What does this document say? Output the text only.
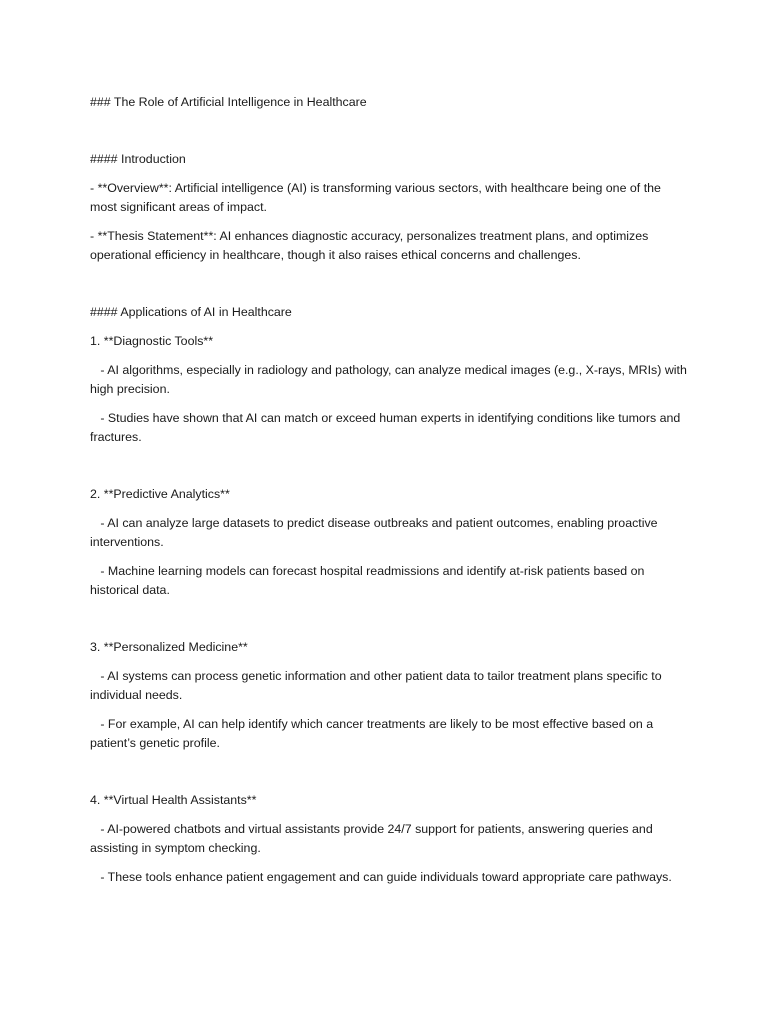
### The Role of Artificial Intelligence in Healthcare

#### Introduction

- **Overview**: Artificial intelligence (AI) is transforming various sectors, with healthcare being one of the most significant areas of impact.

- **Thesis Statement**: AI enhances diagnostic accuracy, personalizes treatment plans, and optimizes operational efficiency in healthcare, though it also raises ethical concerns and challenges.

#### Applications of AI in Healthcare

1. **Diagnostic Tools**

- AI algorithms, especially in radiology and pathology, can analyze medical images (e.g., X-rays, MRIs) with high precision.

- Studies have shown that AI can match or exceed human experts in identifying conditions like tumors and fractures.

2. **Predictive Analytics**

- AI can analyze large datasets to predict disease outbreaks and patient outcomes, enabling proactive interventions.

- Machine learning models can forecast hospital readmissions and identify at-risk patients based on historical data.

3. **Personalized Medicine**

- AI systems can process genetic information and other patient data to tailor treatment plans specific to individual needs.

- For example, AI can help identify which cancer treatments are likely to be most effective based on a patient’s genetic profile.

4. **Virtual Health Assistants**

- AI-powered chatbots and virtual assistants provide 24/7 support for patients, answering queries and assisting in symptom checking.

- These tools enhance patient engagement and can guide individuals toward appropriate care pathways.
